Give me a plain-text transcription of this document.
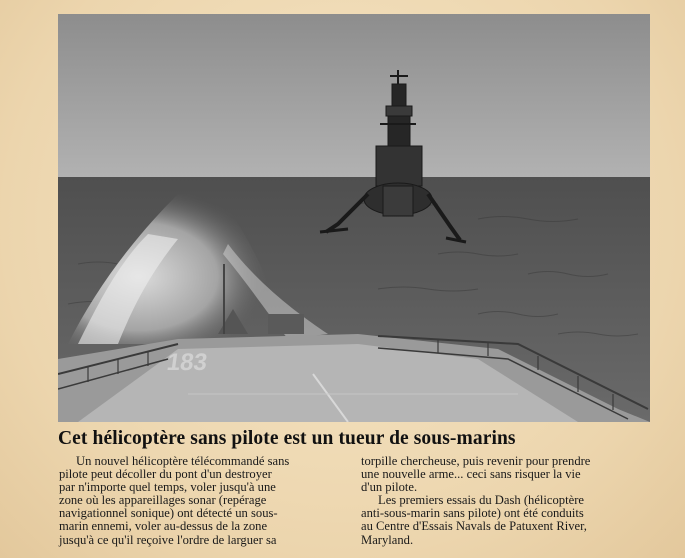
183
Cet hélicoptère sans pilote est un tueur de sous-marins

Un nouvel hélicoptère télécommandé sans
pilote peut décoller du pont d'un destroyer
par n'importe quel temps, voler jusqu'à une
zone où les appareillages sonar (repérage
navigationnel sonique) ont détecté un sous-
marin ennemi, voler au-dessus de la zone
jusqu'à ce qu'il reçoive l'ordre de larguer sa

torpille chercheuse, puis revenir pour prendre
une nouvelle arme... ceci sans risquer la vie
d'un pilote.

Les premiers essais du Dash (hélicoptère
anti-sous-marin sans pilote) ont été conduits
au Centre d'Essais Navals de Patuxent River,
Maryland.
